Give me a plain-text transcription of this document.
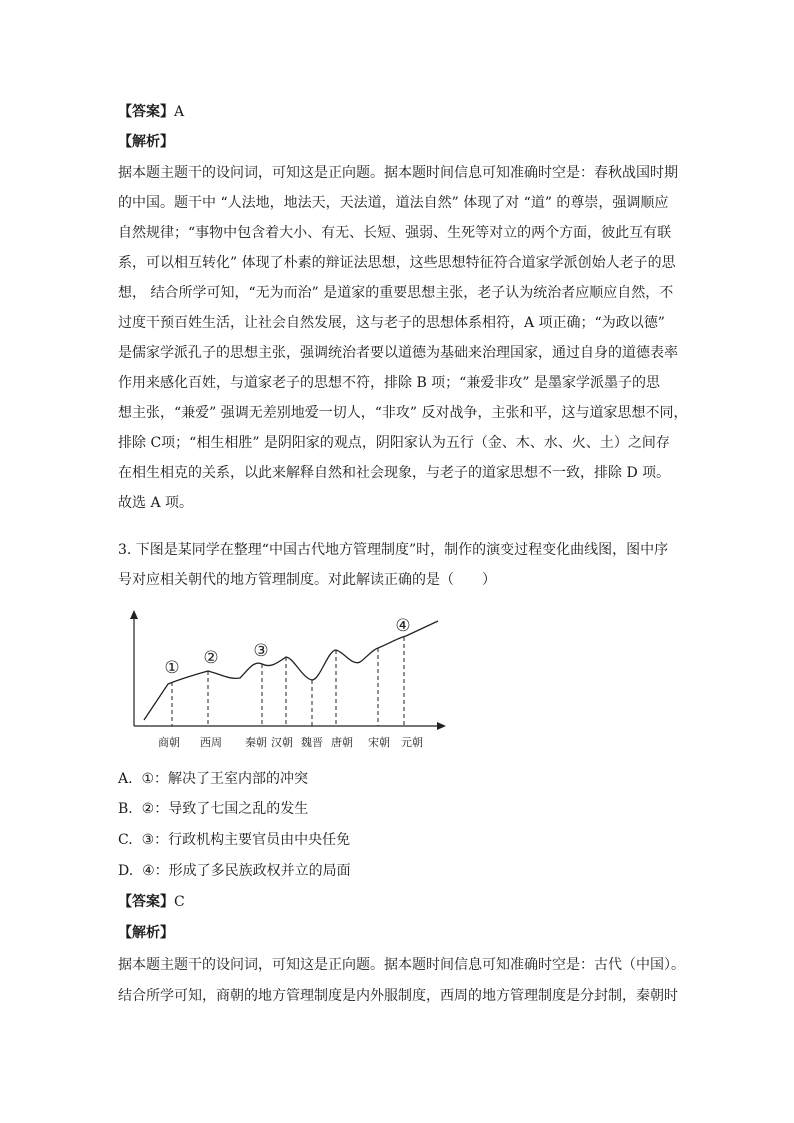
【答案】A
【解析】
据本题主题干的设问词，可知这是正向题。据本题时间信息可知准确时空是：春秋战国时期
的中国。题干中 “人法地，地法天，天法道，道法自然” 体现了对 “道” 的尊崇，强调顺应
自然规律；“事物中包含着大小、有无、长短、强弱、生死等对立的两个方面，彼此互有联
系，可以相互转化” 体现了朴素的辩证法思想，这些思想特征符合道家学派创始人老子的思
想， 结合所学可知，“无为而治” 是道家的重要思想主张，老子认为统治者应顺应自然，不
过度干预百姓生活，让社会自然发展，这与老子的思想体系相符，A 项正确；“为政以德”
是儒家学派孔子的思想主张，强调统治者要以道德为基础来治理国家，通过自身的道德表率
作用来感化百姓，与道家老子的思想不符，排除 B 项；“兼爱非攻” 是墨家学派墨子的思
想主张，“兼爱” 强调无差别地爱一切人，“非攻” 反对战争，主张和平，这与道家思想不同，
排除 C项；“相生相胜” 是阴阳家的观点，阴阳家认为五行（金、木、水、火、土）之间存
在相生相克的关系，以此来解释自然和社会现象，与老子的道家思想不一致，排除 D 项。
故选 A 项。
3. 下图是某同学在整理“中国古代地方管理制度”时，制作的演变过程变化曲线图，图中序
号对应相关朝代的地方管理制度。对此解读正确的是（　　）
① ② ③
④
商朝 西周 秦朝 汉朝 魏晋 唐朝 宋朝 元朝
A. ①：解决了王室内部的冲突
B. ②：导致了七国之乱的发生
C. ③：行政机构主要官员由中央任免
D. ④：形成了多民族政权并立的局面
【答案】C
【解析】
据本题主题干的设问词，可知这是正向题。据本题时间信息可知准确时空是：古代（中国）。
结合所学可知，商朝的地方管理制度是内外服制度，西周的地方管理制度是分封制，秦朝时
